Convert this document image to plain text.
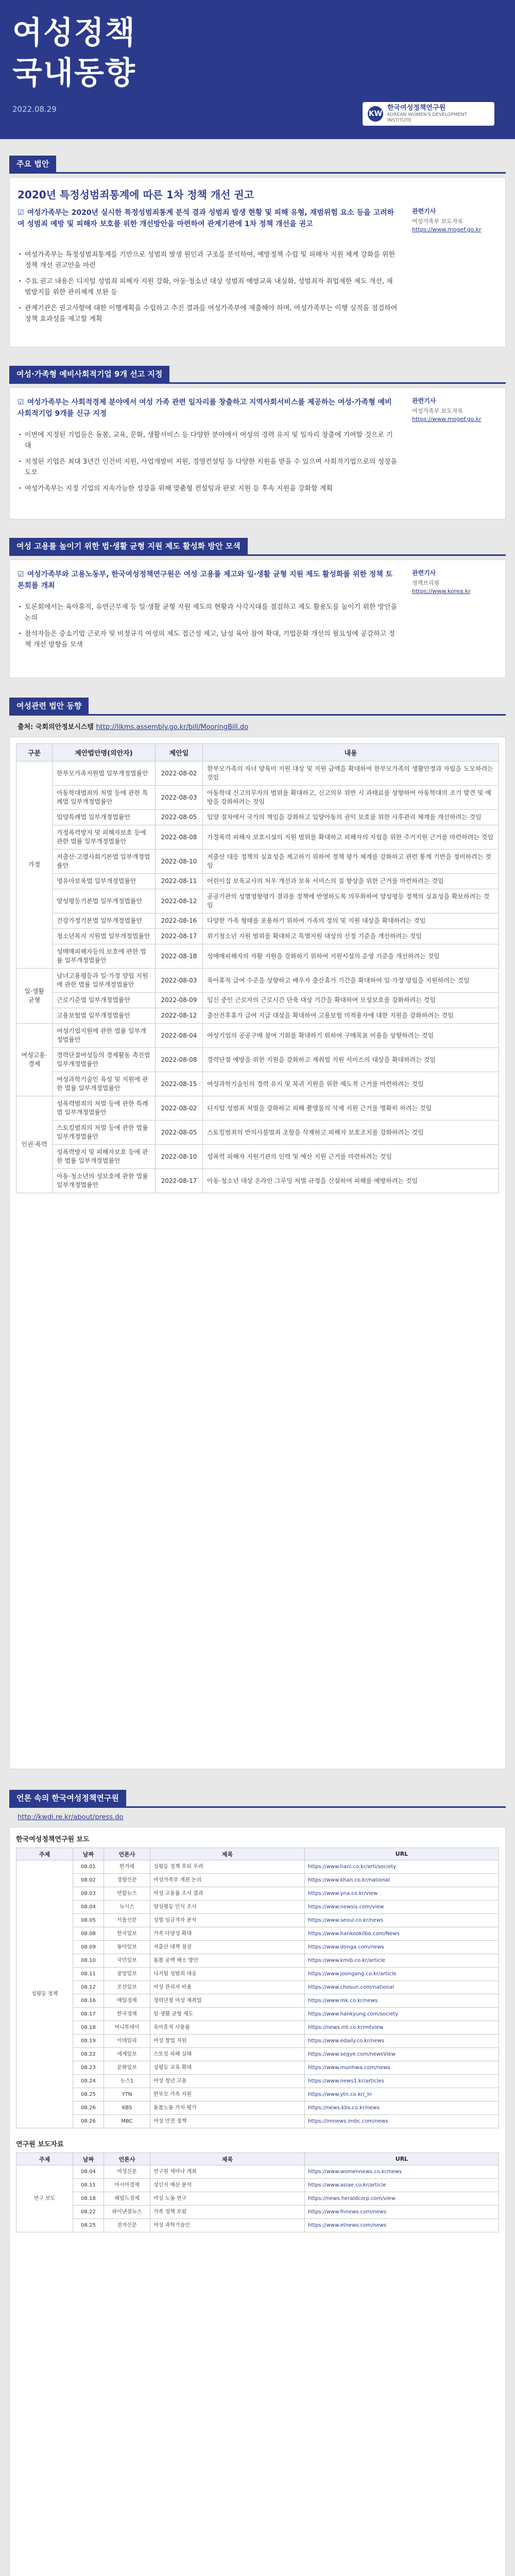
여성정책
국내동향
2022.08.29	KW
한국여성정책연구원
KOREAN WOMEN'S DEVELOPMENT INSTITUTE
주요 법안
2020년 특정성범죄통계에 따른 1차 정책 개선 권고
☑ 여성가족부는 2020년 실시한 특정성범죄통계 분석 결과 성범죄 발생 현황 및 피해 유형, 재범위험 요소 등을 고려하여 성범죄 예방 및 피해자 보호를 위한 개선방안을 마련하여 관계기관에 1차 정책 개선을 권고
· 여성가족부는 특정성범죄통계를 기반으로 성범죄 발생 원인과 구조를 분석하여, 예방정책 수립 및 피해자 지원 체계 강화를 위한 정책 개선 권고안을 마련
· 주요 권고 내용은 디지털 성범죄 피해자 지원 강화, 아동·청소년 대상 성범죄 예방교육 내실화, 성범죄자 취업제한 제도 개선, 재범방지를 위한 관리체계 보완 등
· 관계기관은 권고사항에 대한 이행계획을 수립하고 추진 결과를 여성가족부에 제출해야 하며, 여성가족부는 이행 실적을 점검하여 정책 효과성을 제고할 계획
관련기사
여성가족부 보도자료
https://www.mogef.go.kr
여성·가족형 예비사회적기업 9개 선고 지정
☑ 여성가족부는 사회적경제 분야에서 여성 가족 관련 일자리를 창출하고 지역사회서비스를 제공하는 여성·가족형 예비사회적기업 9개를 신규 지정
· 이번에 지정된 기업들은 돌봄, 교육, 문화, 생활서비스 등 다양한 분야에서 여성의 경력 유지 및 일자리 창출에 기여할 것으로 기대
· 지정된 기업은 최대 3년간 인건비 지원, 사업개발비 지원, 경영컨설팅 등 다양한 지원을 받을 수 있으며 사회적기업으로의 성장을 도모
· 여성가족부는 지정 기업의 지속가능한 성장을 위해 맞춤형 컨설팅과 판로 지원 등 후속 지원을 강화할 계획
관련기사
여성가족부 보도자료
https://www.mogef.go.kr
여성 고용률 높이기 위한 법·생활 균형 지원 제도 활성화 방안 모색
☑ 여성가족부와 고용노동부, 한국여성정책연구원은 여성 고용률 제고와 일·생활 균형 지원 제도 활성화를 위한 정책 토론회를 개최
· 토론회에서는 육아휴직, 유연근무제 등 일·생활 균형 지원 제도의 현황과 사각지대를 점검하고 제도 활용도를 높이기 위한 방안을 논의
· 참석자들은 중소기업 근로자 및 비정규직 여성의 제도 접근성 제고, 남성 육아 참여 확대, 기업문화 개선의 필요성에 공감하고 정책 개선 방향을 모색
관련기사
정책브리핑
https://www.korea.kr
여성관련 법안 동향
출처: 국회의안정보시스템 http://likms.assembly.go.kr/bill/MooringBill.do
구분	제안법안명(의안자)	제안일	내용
가정	한부모가족지원법 일부개정법률안	2022-08-02	한부모가족의 자녀 양육비 지원 대상 및 지원 금액을 확대하여 한부모가족의 생활안정과 자립을 도모하려는 것임
	아동학대범죄의 처벌 등에 관한 특례법 일부개정법률안	2022-08-03	아동학대 신고의무자의 범위를 확대하고, 신고의무 위반 시 과태료를 상향하여 아동학대의 조기 발견 및 예방을 강화하려는 것임
	입양특례법 일부개정법률안	2022-08-05	입양 절차에서 국가의 책임을 강화하고 입양아동의 권익 보호를 위한 사후관리 체계를 개선하려는 것임
	가정폭력방지 및 피해자보호 등에 관한 법률 일부개정법률안	2022-08-08	가정폭력 피해자 보호시설의 지원 범위를 확대하고 피해자의 자립을 위한 주거지원 근거를 마련하려는 것임
	저출산·고령사회기본법 일부개정법률안	2022-08-10	저출산 대응 정책의 실효성을 제고하기 위하여 정책 평가 체계를 강화하고 관련 통계 기반을 정비하려는 것임
	영유아보육법 일부개정법률안	2022-08-11	어린이집 보육교사의 처우 개선과 보육 서비스의 질 향상을 위한 근거를 마련하려는 것임
	양성평등기본법 일부개정법률안	2022-08-12	공공기관의 성별영향평가 결과를 정책에 반영하도록 의무화하여 양성평등 정책의 실효성을 확보하려는 것임
	건강가정기본법 일부개정법률안	2022-08-16	다양한 가족 형태를 포용하기 위하여 가족의 정의 및 지원 대상을 확대하려는 것임
	청소년복지 지원법 일부개정법률안	2022-08-17	위기청소년 지원 범위를 확대하고 특별지원 대상의 선정 기준을 개선하려는 것임
	성매매피해자등의 보호에 관한 법률 일부개정법률안	2022-08-18	성매매피해자의 자활 지원을 강화하기 위하여 지원시설의 운영 기준을 개선하려는 것임
일·생활 균형	남녀고용평등과 일·가정 양립 지원에 관한 법률 일부개정법률안	2022-08-03	육아휴직 급여 수준을 상향하고 배우자 출산휴가 기간을 확대하여 일·가정 양립을 지원하려는 것임
	근로기준법 일부개정법률안	2022-08-09	임신 중인 근로자의 근로시간 단축 대상 기간을 확대하여 모성보호를 강화하려는 것임
	고용보험법 일부개정법률안	2022-08-12	출산전후휴가 급여 지급 대상을 확대하여 고용보험 미적용자에 대한 지원을 강화하려는 것임
여성고용·경제	여성기업지원에 관한 법률 일부개정법률안	2022-08-04	여성기업의 공공구매 참여 기회를 확대하기 위하여 구매목표 비율을 상향하려는 것임
	경력단절여성등의 경제활동 촉진법 일부개정법률안	2022-08-08	경력단절 예방을 위한 지원을 강화하고 재취업 지원 서비스의 대상을 확대하려는 것임
	여성과학기술인 육성 및 지원에 관한 법률 일부개정법률안	2022-08-15	여성과학기술인의 경력 유지 및 복귀 지원을 위한 제도적 근거를 마련하려는 것임
인권·폭력	성폭력범죄의 처벌 등에 관한 특례법 일부개정법률안	2022-08-02	디지털 성범죄 처벌을 강화하고 피해 촬영물의 삭제 지원 근거를 명확히 하려는 것임
	스토킹범죄의 처벌 등에 관한 법률 일부개정법률안	2022-08-05	스토킹범죄의 반의사불벌죄 조항을 삭제하고 피해자 보호조치를 강화하려는 것임
	성폭력방지 및 피해자보호 등에 관한 법률 일부개정법률안	2022-08-10	성폭력 피해자 지원기관의 인력 및 예산 지원 근거를 마련하려는 것임
	아동·청소년의 성보호에 관한 법률 일부개정법률안	2022-08-17	아동·청소년 대상 온라인 그루밍 처벌 규정을 신설하여 피해를 예방하려는 것임
언론 속의 한국여성정책연구원
http://kwdi.re.kr/about/press.do
한국여성정책연구원 보도
주제	날짜	언론사	제목	URL
성평등 정책	08.01	한겨레	성평등 정책 후퇴 우려	https://www.hani.co.kr/arti/society
	08.02	경향신문	여성가족부 개편 논의	https://www.khan.co.kr/national
	08.03	연합뉴스	여성 고용률 조사 결과	https://www.yna.co.kr/view
	08.04	뉴시스	양성평등 인식 조사	https://www.newsis.com/view
	08.05	서울신문	성별 임금격차 분석	https://www.seoul.co.kr/news
	08.08	한국일보	가족 다양성 확대	https://www.hankookilbo.com/News
	08.09	동아일보	저출산 대책 점검	https://www.donga.com/news
	08.10	국민일보	돌봄 공백 해소 방안	https://www.kmib.co.kr/article
	08.11	중앙일보	디지털 성범죄 대응	https://www.joongang.co.kr/article
	08.12	조선일보	여성 관리자 비율	https://www.chosun.com/national
	08.16	매일경제	경력단절 여성 재취업	https://www.mk.co.kr/news
	08.17	한국경제	일·생활 균형 제도	https://www.hankyung.com/society
	08.18	머니투데이	육아휴직 사용률	https://news.mt.co.kr/mtview
	08.19	이데일리	여성 창업 지원	https://www.edaily.co.kr/news
	08.22	세계일보	스토킹 피해 실태	https://www.segye.com/newsView
	08.23	문화일보	성평등 교육 확대	https://www.munhwa.com/news
	08.24	뉴스1	여성 청년 고용	https://www.news1.kr/articles
	08.25	YTN	한부모 가족 지원	https://www.ytn.co.kr/_ln
	08.26	KBS	돌봄노동 가치 평가	https://news.kbs.co.kr/news
	08.26	MBC	여성 안전 정책	https://imnews.imbc.com/news
연구원 보도자료
주제	날짜	언론사	제목	URL
연구 보도	08.04	여성신문	연구원 세미나 개최	https://www.womennews.co.kr/news
	08.11	아시아경제	성인지 예산 분석	https://www.asiae.co.kr/article
	08.18	헤럴드경제	여성 노동 연구	https://news.heraldcorp.com/view
	08.22	파이낸셜뉴스	가족 정책 포럼	https://www.fnnews.com/news
	08.25	전자신문	여성 과학기술인	https://www.etnews.com/news
